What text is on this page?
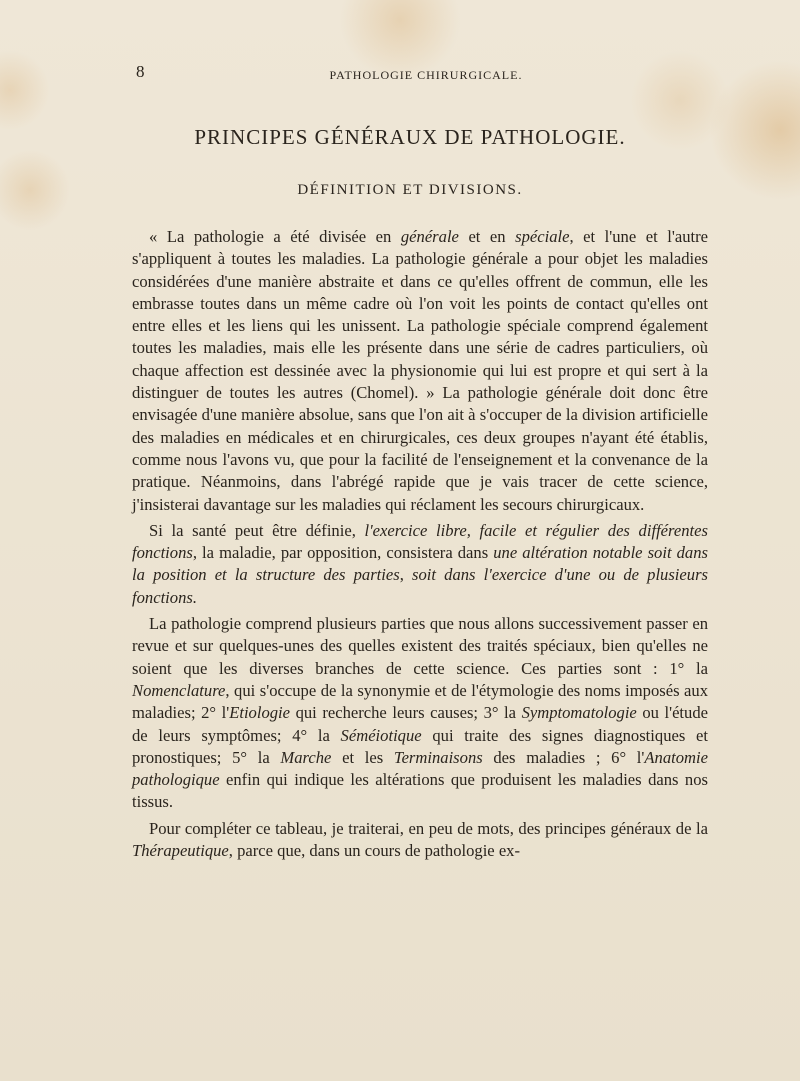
8	PATHOLOGIE CHIRURGICALE.
PRINCIPES GÉNÉRAUX DE PATHOLOGIE.
DÉFINITION ET DIVISIONS.

« La pathologie a été divisée en générale et en spéciale, et l'une et l'autre s'appliquent à toutes les maladies. La pathologie générale a pour objet les maladies considérées d'une manière abstraite et dans ce qu'elles offrent de commun, elle les embrasse toutes dans un même cadre où l'on voit les points de contact qu'elles ont entre elles et les liens qui les unissent. La pathologie spéciale comprend également toutes les maladies, mais elle les présente dans une série de cadres particuliers, où chaque affection est dessinée avec la physionomie qui lui est propre et qui sert à la distinguer de toutes les autres (Chomel). » La pathologie générale doit donc être envisagée d'une manière absolue, sans que l'on ait à s'occuper de la division artificielle des maladies en médicales et en chirurgicales, ces deux groupes n'ayant été établis, comme nous l'avons vu, que pour la facilité de l'enseignement et la convenance de la pratique. Néanmoins, dans l'abrégé rapide que je vais tracer de cette science, j'insisterai davantage sur les maladies qui réclament les secours chirurgicaux.

Si la santé peut être définie, l'exercice libre, facile et régulier des différentes fonctions, la maladie, par opposition, consistera dans une altération notable soit dans la position et la structure des parties, soit dans l'exercice d'une ou de plusieurs fonctions.

La pathologie comprend plusieurs parties que nous allons successivement passer en revue et sur quelques-unes des quelles existent des traités spéciaux, bien qu'elles ne soient que les diverses branches de cette science. Ces parties sont : 1° la Nomenclature, qui s'occupe de la synonymie et de l'étymologie des noms imposés aux maladies; 2° l'Etiologie qui recherche leurs causes; 3° la Symptomatologie ou l'étude de leurs symptômes; 4° la Séméiotique qui traite des signes diagnostiques et pronostiques; 5° la Marche et les Terminaisons des maladies ; 6° l'Anatomie pathologique enfin qui indique les altérations que produisent les maladies dans nos tissus.

Pour compléter ce tableau, je traiterai, en peu de mots, des principes généraux de la Thérapeutique, parce que, dans un cours de pathologie ex-
